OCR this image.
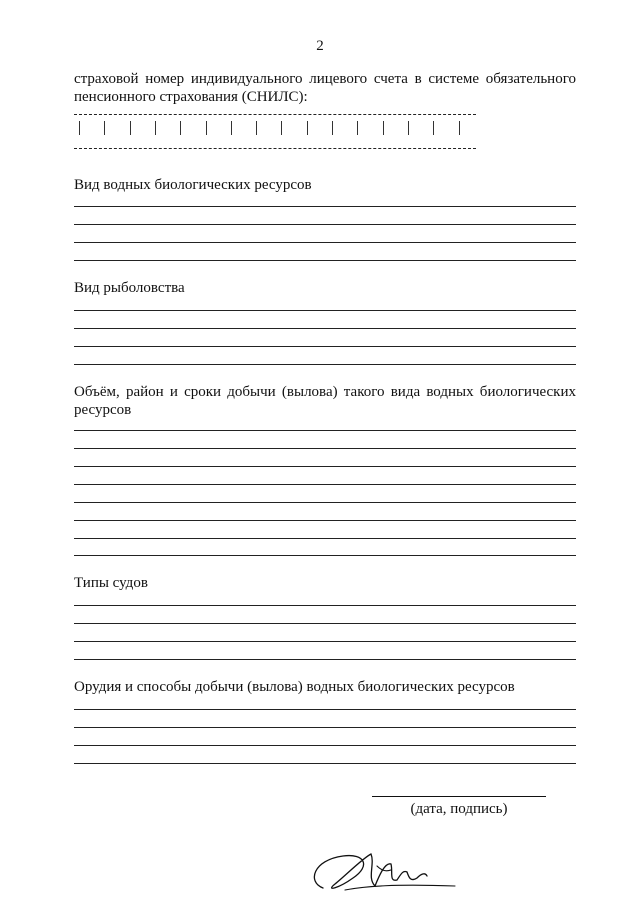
2
страховой номер индивидуального лицевого счета в системе обязательного пенсионного страхования (СНИЛС):
Вид водных биологических ресурсов
Вид рыболовства
Объём, район и сроки добычи (вылова) такого вида водных биологических ресурсов
Типы судов
Орудия и способы добычи (вылова) водных биологических ресурсов
(дата, подпись)
